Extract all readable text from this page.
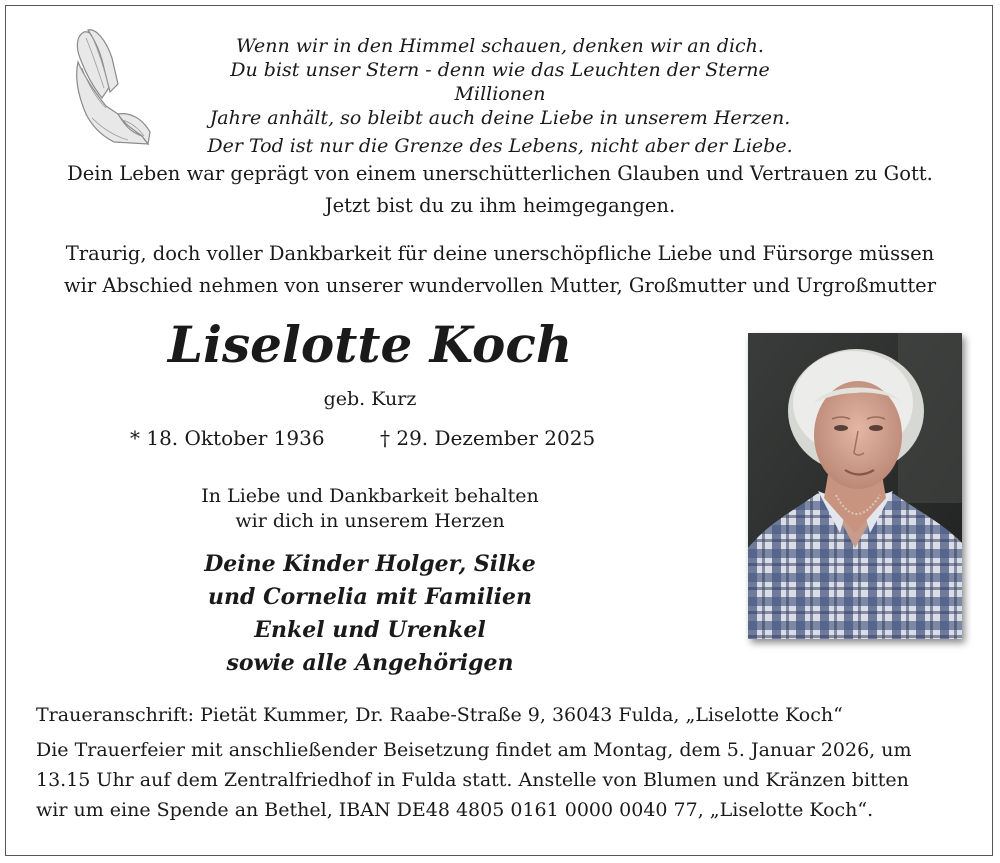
Wenn wir in den Himmel schauen, denken wir an dich.
Du bist unser Stern - denn wie das Leuchten der Sterne Millionen
Jahre anhält, so bleibt auch deine Liebe in unserem Herzen.
Der Tod ist nur die Grenze des Lebens, nicht aber der Liebe.
Dein Leben war geprägt von einem unerschütterlichen Glauben und Vertrauen zu Gott.
Jetzt bist du zu ihm heimgegangen.
Traurig, doch voller Dankbarkeit für deine unerschöpfliche Liebe und Fürsorge müssen
wir Abschied nehmen von unserer wundervollen Mutter, Großmutter und Urgroßmutter
Liselotte Koch
geb. Kurz
* 18. Oktober 1936	† 29. Dezember 2025
In Liebe und Dankbarkeit behalten
wir dich in unserem Herzen
Deine Kinder Holger, Silke
und Cornelia mit Familien
Enkel und Urenkel
sowie alle Angehörigen
Traueranschrift: Pietät Kummer, Dr. Raabe-Straße 9, 36043 Fulda, „Liselotte Koch“
Die Trauerfeier mit anschließender Beisetzung findet am Montag, dem 5. Januar 2026, um
13.15 Uhr auf dem Zentralfriedhof in Fulda statt. Anstelle von Blumen und Kränzen bitten
wir um eine Spende an Bethel, IBAN DE48 4805 0161 0000 0040 77, „Liselotte Koch“.
